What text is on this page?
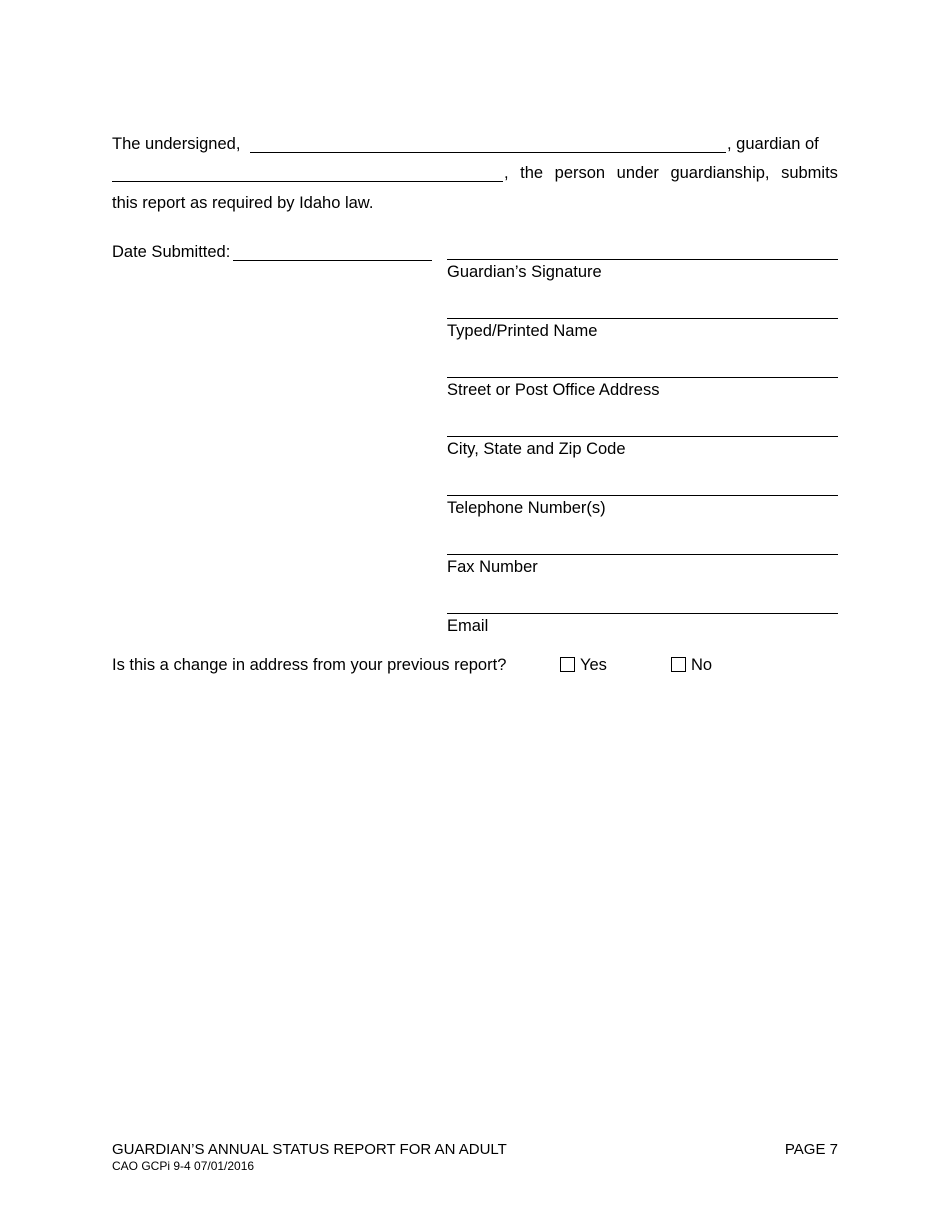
The undersigned,	, guardian of
, the person under guardianship, submits
this report as required by Idaho law.
Date Submitted:
Guardian’s Signature
Typed/Printed Name
Street or Post Office Address
City, State and Zip Code
Telephone Number(s)
Fax Number
Email
Is this a change in address from your previous report?	Yes	No
GUARDIAN’S ANNUAL STATUS REPORT FOR AN ADULT
CAO GCPi 9-4 07/01/2016
PAGE 7
